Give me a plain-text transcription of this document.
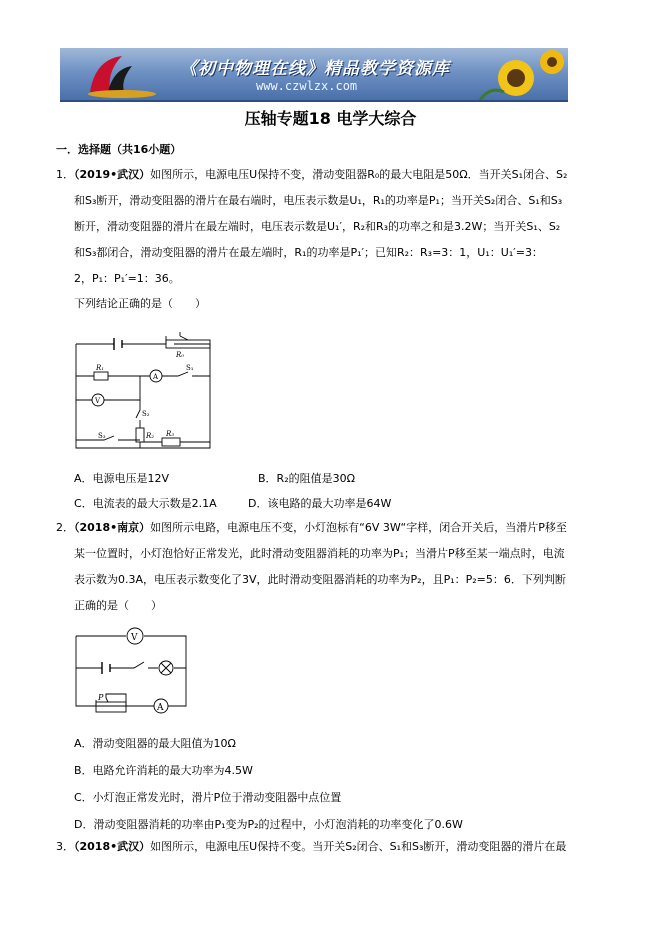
《初中物理在线》精品教学资源库
www.czwlzx.com
压轴专题18 电学大综合
一．选择题（共16小题）
1．（2019•武汉）如图所示，电源电压U保持不变，滑动变阻器R₀的最大电阻是50Ω．当开关S₁闭合、S₂
和S₃断开，滑动变阻器的滑片在最右端时，电压表示数是U₁，R₁的功率是P₁；当开关S₂闭合、S₁和S₃
断开，滑动变阻器的滑片在最左端时，电压表示数是U₁′，R₂和R₃的功率之和是3.2W；当开关S₁、S₂
和S₃都闭合，滑动变阻器的滑片在最左端时，R₁的功率是P₁′；已知R₂：R₃=3：1，U₁：U₁′=3：
2，P₁：P₁′=1：36。
下列结论正确的是（　　）
R₀
R₁
A
S₁
V
S₂
R₂
S₃	R₃
A．电源电压是12V	B．R₂的阻值是30Ω
C．电流表的最大示数是2.1A	D．该电路的最大功率是64W
2．（2018•南京）如图所示电路，电源电压不变，小灯泡标有“6V 3W“字样，闭合开关后，当滑片P移至
某一位置时，小灯泡恰好正常发光，此时滑动变阻器消耗的功率为P₁；当滑片P移至某一端点时，电流
表示数为0.3A，电压表示数变化了3V，此时滑动变阻器消耗的功率为P₂，且P₁：P₂=5：6．下列判断
正确的是（　　）
V
A
P
A．滑动变阻器的最大阻值为10Ω
B．电路允许消耗的最大功率为4.5W
C．小灯泡正常发光时，滑片P位于滑动变阻器中点位置
D．滑动变阻器消耗的功率由P₁变为P₂的过程中，小灯泡消耗的功率变化了0.6W
3．（2018•武汉）如图所示，电源电压U保持不变。当开关S₂闭合、S₁和S₃断开，滑动变阻器的滑片在最
